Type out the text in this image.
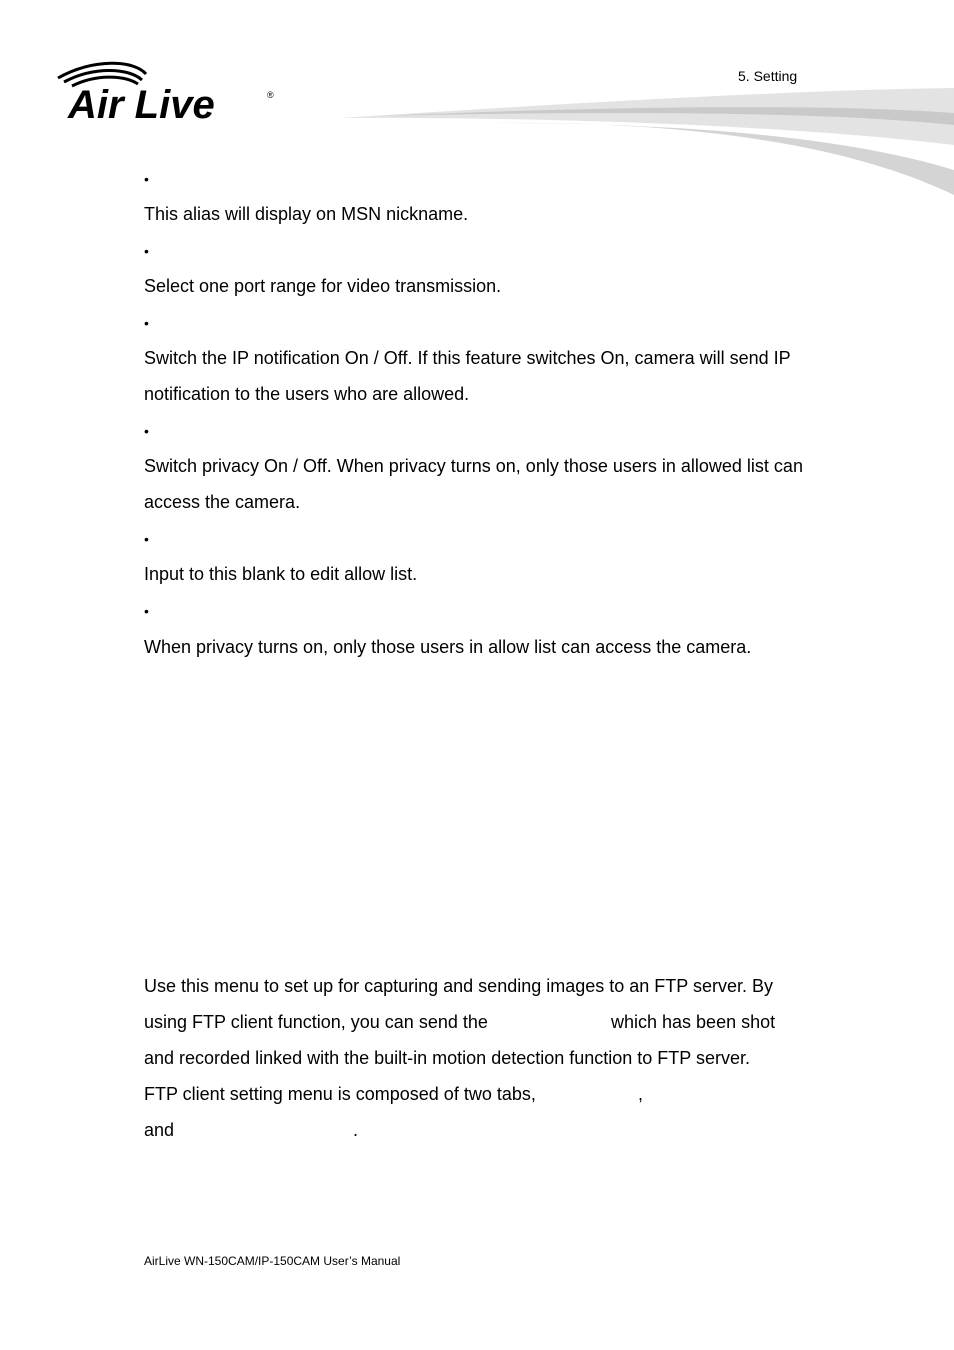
Air Live	®
5. Setting
•

This alias will display on MSN nickname.

•

Select one port range for video transmission.

•

Switch the IP notification On / Off. If this feature switches On, camera will send IP notification to the users who are allowed.

•

Switch privacy On / Off. When privacy turns on, only those users in allowed list can access the camera.

•

Input to this blank to edit allow list.

•

When privacy turns on, only those users in allow list can access the camera.

Use this menu to set up for capturing and sending images to an FTP server. By
using FTP client function, you can send the	which has been shot
and recorded linked with the built-in motion detection function to FTP server.
FTP client setting menu is composed of two tabs,	,
and	.
AirLive WN-150CAM/IP-150CAM User’s Manual
